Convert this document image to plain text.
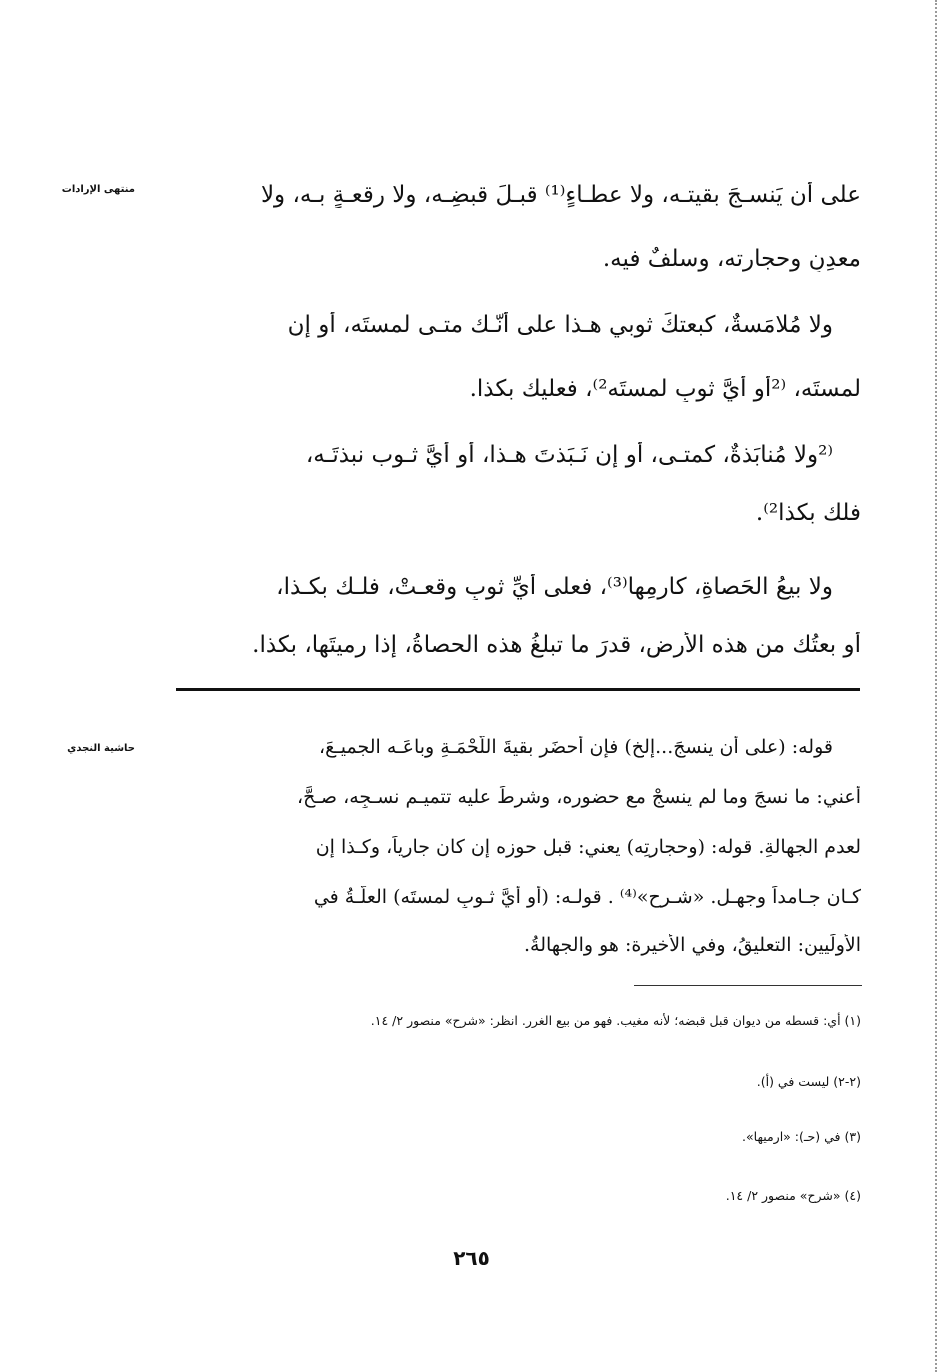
منتهى الإرادات
حاشية النجدي
على أن يَنسـجَ بقيتـه، ولا عطـاءٍ⁽¹⁾ قبـلَ قبضِـه، ولا رقعـةٍ بـه، ولا
معدِنٍ وحجارته، وسلفٌ فيه.
ولا مُلامَسةٌ، كبعتكَ ثوبي هـذا على أنّـك متـى لمستَه، أو إن
لمستَه، ⁽²أو أيَّ ثوبٍ لمستَه²⁾، فعليك بكذا.
⁽²ولا مُنابَذةٌ، كمتـى، أو إن نَـبَذتَ هـذا، أو أيَّ ثـوب نبذتَـه،
فلك بكذا²⁾.
ولا بيعُ الحَصاةِ، كارمِها⁽³⁾، فعلى أيِّ ثوبٍ وقعـتْ، فلـك بكـذا،
أو بعتُك من هذه الأرضِ، قدرَ ما تبلغُ هذه الحصاةُ، إذا رميتَها، بكذا.
قوله: (على أن ينسجَ...إلخ) فإن أحضَر بقيةَ اللُّحْمَـةِ وباعَـه الجميـعَ،
أعني: ما نسجَ وما لم ينسجْ مع حضوره، وشرطَ عليه تتميـم نسـجِه، صـحَّ،
لعدم الجهالةِ. قوله: (وحجارتِه) يعني: قبل حوزِه إن كان جارياً، وكـذا إن
كـان جـامداً وجهـل. «شـرح»⁽⁴⁾ . قولـه: (أو أيَّ ثـوبٍ لمستَه) العلّـةُ في
الأولَيين: التعليقُ، وفي الأخيرة: هو والجهالةُ.
(١) أي: قسطه من ديوان قبل قبضه؛ لأنه مغيب. فهو من بيع الغرر. انظر: «شرح» منصور ٢/ ١٤.
(٢-٢) ليست في (أ).
(٣) في (حـ): «ارميها».
(٤) «شرح» منصور ٢/ ١٤.
٢٦٥
